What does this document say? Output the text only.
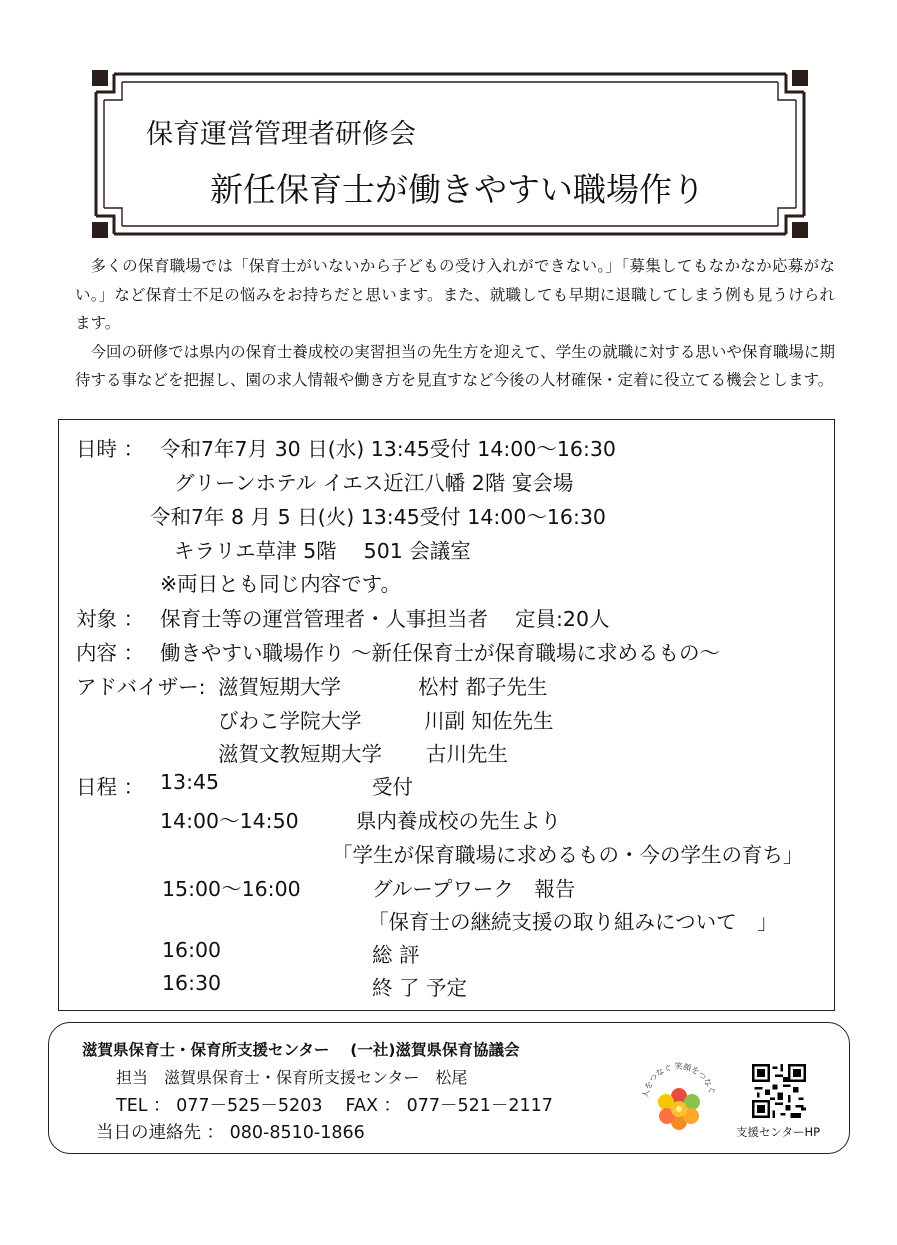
保育運営管理者研修会
新任保育士が働きやすい職場作り

多くの保育職場では「保育士がいないから子どもの受け入れができない。」「募集してもなかなか応募がない。」など保育士不足の悩みをお持ちだと思います。また、就職しても早期に退職してしまう例も見うけられます。

今回の研修では県内の保育士養成校の実習担当の先生方を迎えて、学生の就職に対する思いや保育職場に期待する事などを把握し、園の求人情報や働き方を見直すなど今後の人材確保・定着に役立てる機会とします。

日時 ： 令和7年7月 30 日(水) 13:45受付 14:00～16:30
グリーンホテル イエス近江八幡 2階 宴会場
令和7年 8 月 5 日(火) 13:45受付 14:00～16:30
キラリエ草津 5階　 501 会議室
※両日とも同じ内容です。
対象 ： 保育士等の運営管理者・人事担当者　 定員:20人
内容 ： 働きやすい職場作り ～新任保育士が保育職場に求めるもの～
アドバイザー: 滋賀短期大学	松村 都子先生
びわこ学院大学	川副 知佐先生
滋賀文教短期大学 古川先生
日程 ： 13:45	受付
14:00～14:50	県内養成校の先生より
「学生が保育職場に求めるもの・今の学生の育ち」
15:00～16:00	グループワーク　報告
「保育士の継続支援の取り組みについて　」
16:00	総 評
16:30	終 了 予定
滋賀県保育士・保育所支援センター　 (一社)滋賀県保育協議会
担当　滋賀県保育士・保育所支援センター　松尾
TEL ： 077－525－5203　 FAX ： 077－521－2117
当日の連絡先 ： 080-8510-1866
人をつなぐ 笑顔をつなぐ
支援センターHP
